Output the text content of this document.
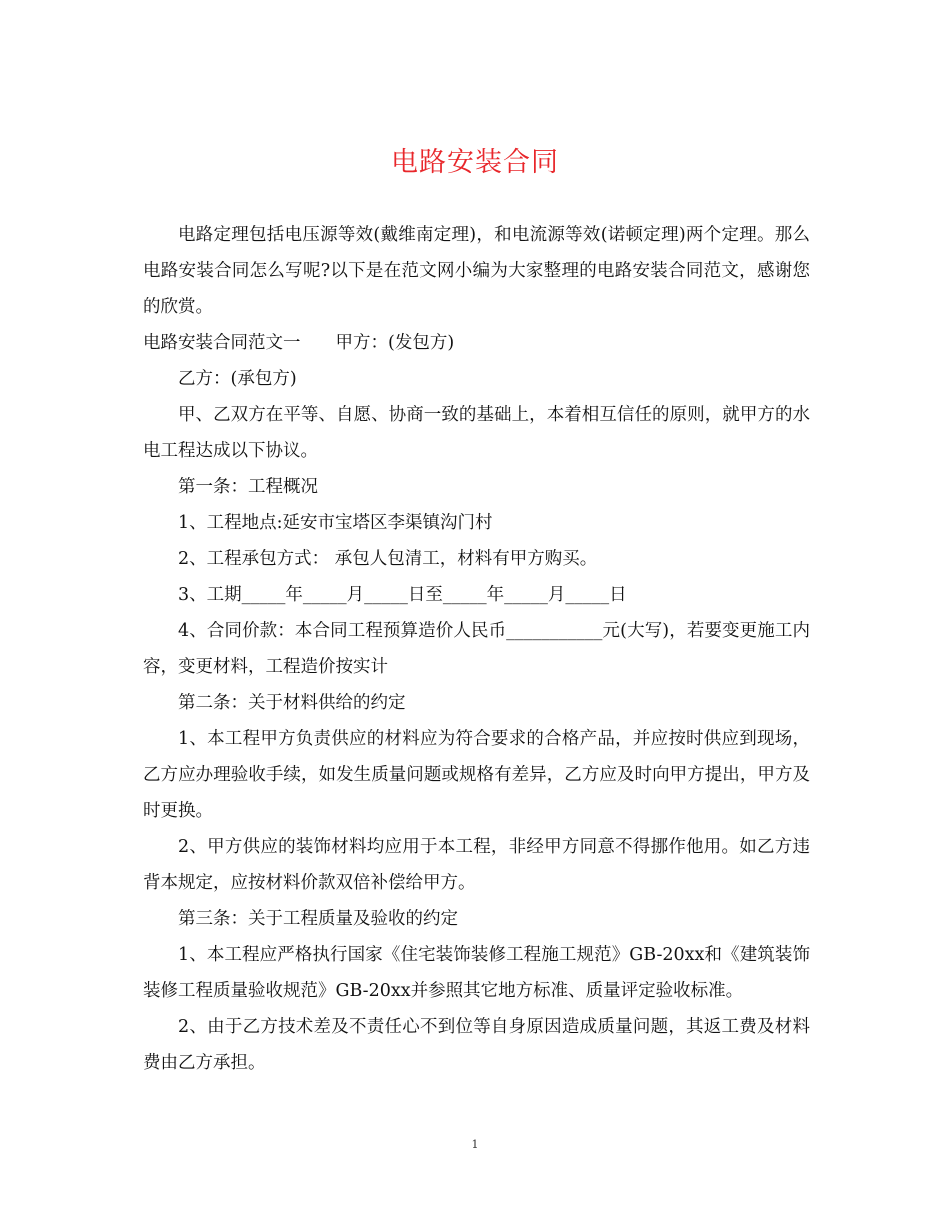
电路安装合同

电路定理包括电压源等效(戴维南定理)，和电流源等效(诺顿定理)两个定理。那么电路安装合同怎么写呢?以下是在范文网小编为大家整理的电路安装合同范文，感谢您的欣赏。

电路安装合同范文一　　甲方：(发包方)

乙方：(承包方)

甲、乙双方在平等、自愿、协商一致的基础上，本着相互信任的原则，就甲方的水电工程达成以下协议。

第一条：工程概况

1、工程地点:延安市宝塔区李渠镇沟门村

2、工程承包方式： 承包人包清工，材料有甲方购买。

3、工期_____年_____月_____日至_____年_____月_____日

4、合同价款：本合同工程预算造价人民币___________元(大写)，若要变更施工内容，变更材料，工程造价按实计

第二条：关于材料供给的约定

1、本工程甲方负责供应的材料应为符合要求的合格产品，并应按时供应到现场，乙方应办理验收手续，如发生质量问题或规格有差异，乙方应及时向甲方提出，甲方及时更换。

2、甲方供应的装饰材料均应用于本工程，非经甲方同意不得挪作他用。如乙方违背本规定，应按材料价款双倍补偿给甲方。

第三条：关于工程质量及验收的约定

1、本工程应严格执行国家《住宅装饰装修工程施工规范》GB-20xx和《建筑装饰装修工程质量验收规范》GB-20xx并参照其它地方标准、质量评定验收标准。

2、由于乙方技术差及不责任心不到位等自身原因造成质量问题，其返工费及材料费由乙方承担。

1
